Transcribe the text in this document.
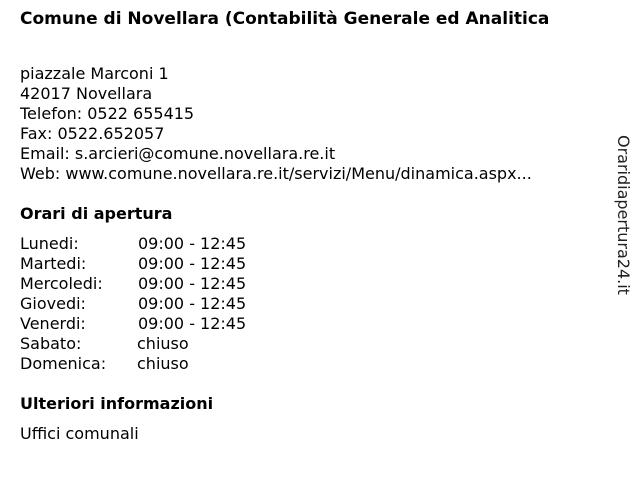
Comune di Novellara (Contabilità Generale ed Analitica
piazzale Marconi 1
42017 Novellara
Telefon: 0522 655415
Fax: 0522.652057
Email: s.arcieri@comune.novellara.re.it
Web: www.comune.novellara.re.it/servizi/Menu/dinamica.aspx...
Orari di apertura
Lunedi:	09:00 - 12:45
Martedi:	09:00 - 12:45
Mercoledi: 09:00 - 12:45
Giovedi:	09:00 - 12:45
Venerdi:	09:00 - 12:45
Sabato:	chiuso
Domenica: chiuso
Ulteriori informazioni
Uffici comunali
Oraridiapertura24.it
